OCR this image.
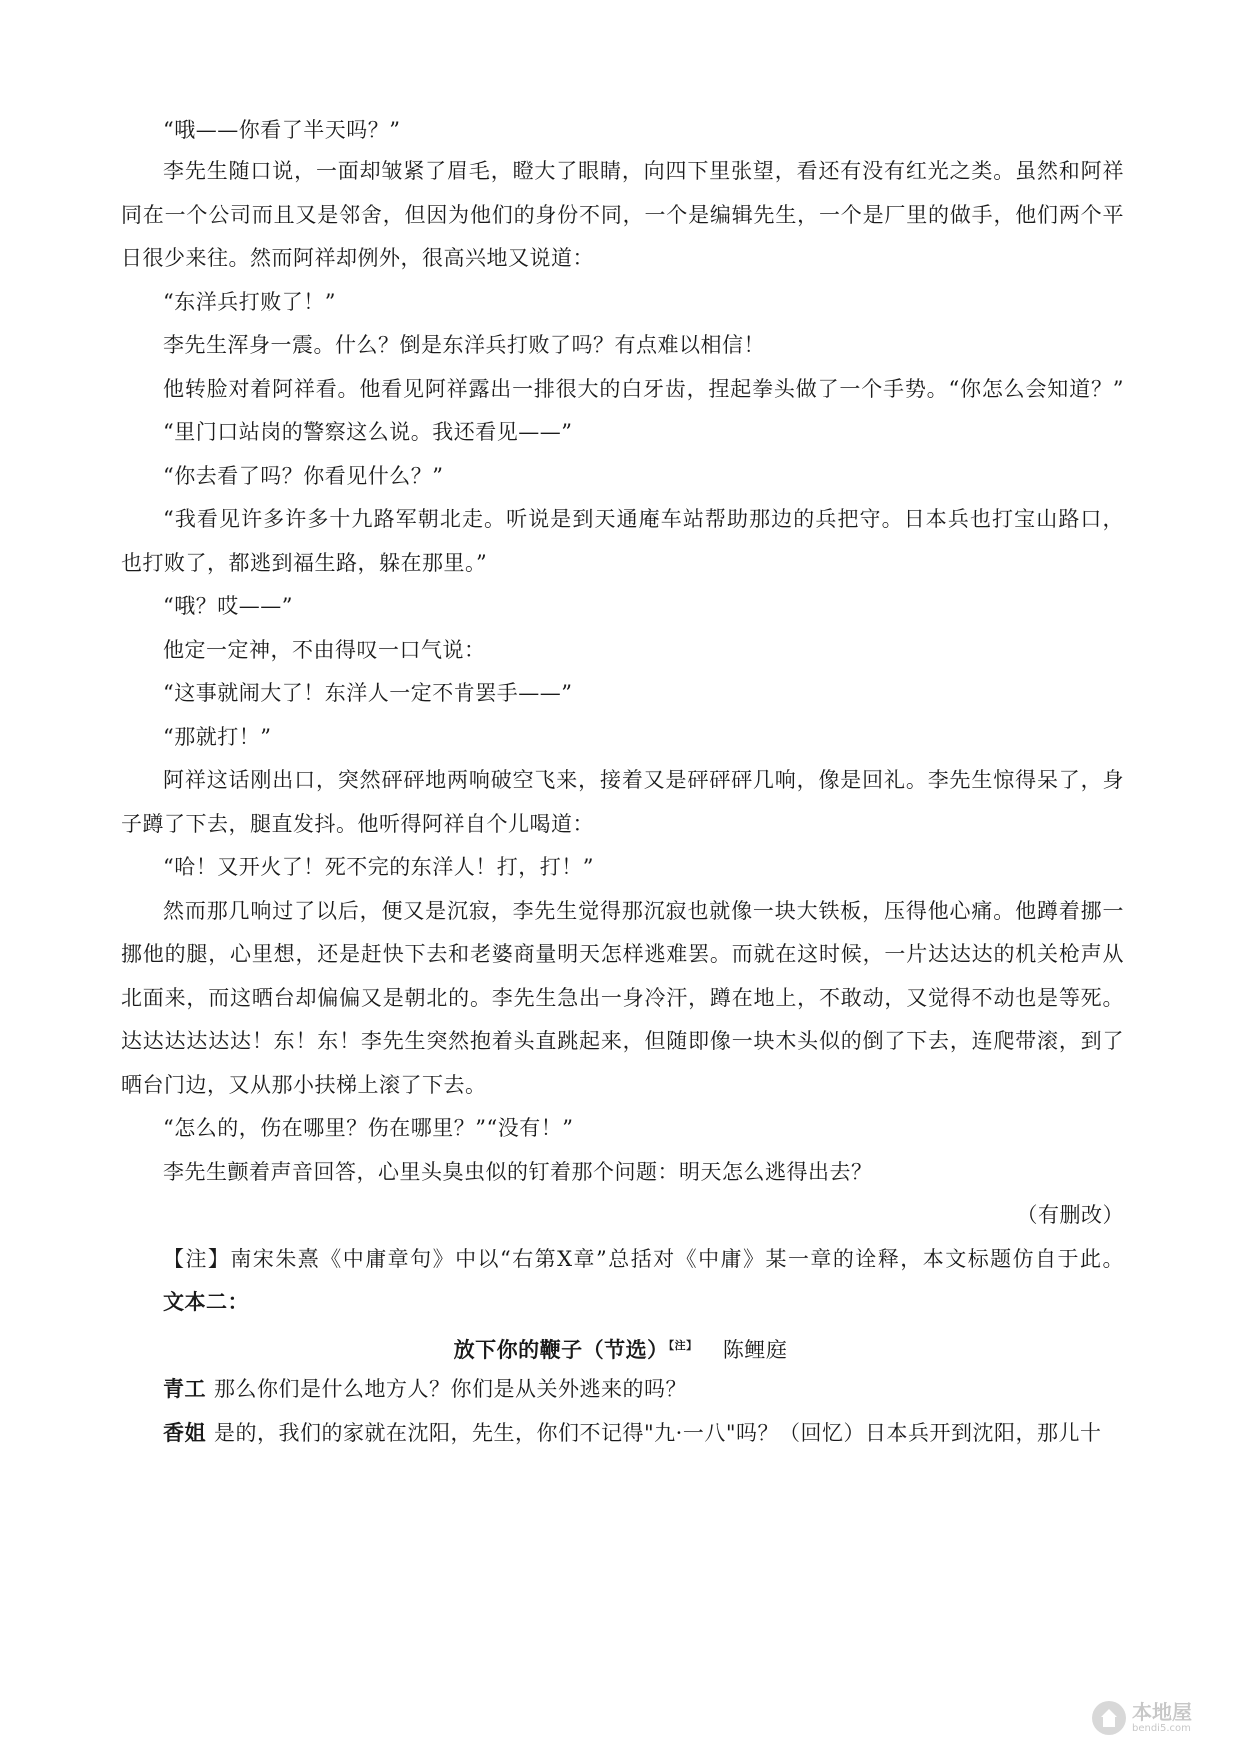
“哦——你看了半天吗？”
李先生随口说，一面却皱紧了眉毛，瞪大了眼睛，向四下里张望，看还有没有红光之类。虽然和阿祥
同在一个公司而且又是邻舍，但因为他们的身份不同，一个是编辑先生，一个是厂里的做手，他们两个平
日很少来往。然而阿祥却例外，很高兴地又说道：
“东洋兵打败了！”
李先生浑身一震。什么？倒是东洋兵打败了吗？有点难以相信！
他转脸对着阿祥看。他看见阿祥露出一排很大的白牙齿，捏起拳头做了一个手势。“你怎么会知道？”
“里门口站岗的警察这么说。我还看见——”
“你去看了吗？你看见什么？”
“我看见许多许多十九路军朝北走。听说是到天通庵车站帮助那边的兵把守。日本兵也打宝山路口，
也打败了，都逃到福生路，躲在那里。”
“哦？哎——”
他定一定神，不由得叹一口气说：
“这事就闹大了！东洋人一定不肯罢手——”
“那就打！”
阿祥这话刚出口，突然砰砰地两响破空飞来，接着又是砰砰砰几响，像是回礼。李先生惊得呆了，身
子蹲了下去，腿直发抖。他听得阿祥自个儿喝道：
“哈！又开火了！死不完的东洋人！打，打！”
然而那几响过了以后，便又是沉寂，李先生觉得那沉寂也就像一块大铁板，压得他心痛。他蹲着挪一
挪他的腿，心里想，还是赶快下去和老婆商量明天怎样逃难罢。而就在这时候，一片达达达的机关枪声从
北面来，而这晒台却偏偏又是朝北的。李先生急出一身冷汗，蹲在地上，不敢动，又觉得不动也是等死。
达达达达达达！东！东！李先生突然抱着头直跳起来，但随即像一块木头似的倒了下去，连爬带滚，到了
晒台门边，又从那小扶梯上滚了下去。
“怎么的，伤在哪里？伤在哪里？”“没有！”
李先生颤着声音回答，心里头臭虫似的钉着那个问题：明天怎么逃得出去？
（有删改）
【注】南宋朱熹《中庸章句》中以“右第X章”总括对《中庸》某一章的诠释，本文标题仿自于此。
文本二：
放下你的鞭子（节选）$^{【注】}$ 陈鲤庭
青工 那么你们是什么地方人？你们是从关外逃来的吗？
香姐 是的，我们的家就在沈阳，先生，你们不记得"九·一八"吗？（回忆）日本兵开到沈阳，那儿十
本地屋
bendi5.com
